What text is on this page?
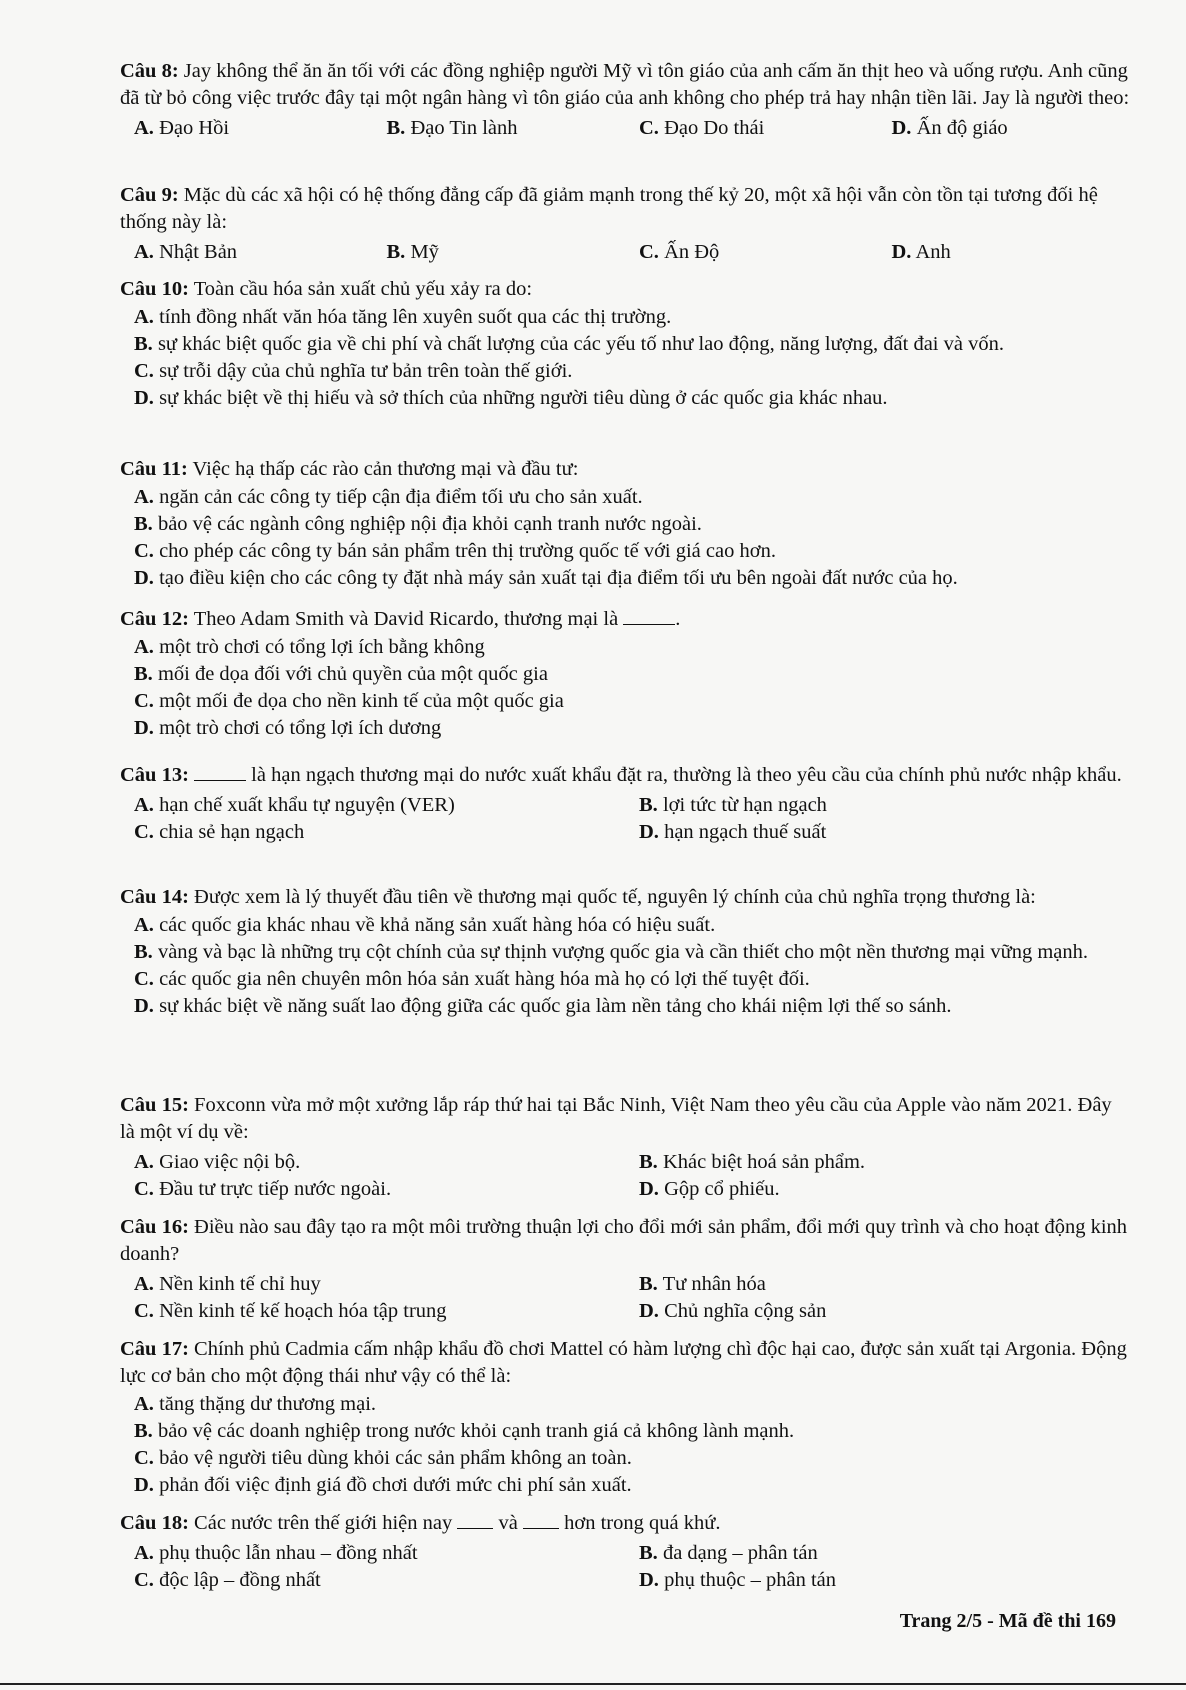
Câu 8: Jay không thể ăn ăn tối với các đồng nghiệp người Mỹ vì tôn giáo của anh cấm ăn thịt heo và uống rượu. Anh cũng đã từ bỏ công việc trước đây tại một ngân hàng vì tôn giáo của anh không cho phép trả hay nhận tiền lãi. Jay là người theo:

A. Đạo Hồi	B. Đạo Tin lành	C. Đạo Do thái	D. Ấn độ giáo

Câu 9: Mặc dù các xã hội có hệ thống đẳng cấp đã giảm mạnh trong thế kỷ 20, một xã hội vẫn còn tồn tại tương đối hệ thống này là:

A. Nhật Bản	B. Mỹ	C. Ấn Độ	D. Anh

Câu 10: Toàn cầu hóa sản xuất chủ yếu xảy ra do:

A. tính đồng nhất văn hóa tăng lên xuyên suốt qua các thị trường.
B. sự khác biệt quốc gia về chi phí và chất lượng của các yếu tố như lao động, năng lượng, đất đai và vốn.
C. sự trỗi dậy của chủ nghĩa tư bản trên toàn thế giới.
D. sự khác biệt về thị hiếu và sở thích của những người tiêu dùng ở các quốc gia khác nhau.

Câu 11: Việc hạ thấp các rào cản thương mại và đầu tư:

A. ngăn cản các công ty tiếp cận địa điểm tối ưu cho sản xuất.
B. bảo vệ các ngành công nghiệp nội địa khỏi cạnh tranh nước ngoài.
C. cho phép các công ty bán sản phẩm trên thị trường quốc tế với giá cao hơn.
D. tạo điều kiện cho các công ty đặt nhà máy sản xuất tại địa điểm tối ưu bên ngoài đất nước của họ.

Câu 12: Theo Adam Smith và David Ricardo, thương mại là	.

A. một trò chơi có tổng lợi ích bằng không
B. mối đe dọa đối với chủ quyền của một quốc gia
C. một mối đe dọa cho nền kinh tế của một quốc gia
D. một trò chơi có tổng lợi ích dương

Câu 13:	là hạn ngạch thương mại do nước xuất khẩu đặt ra, thường là theo yêu cầu của chính phủ nước nhập khẩu.

A. hạn chế xuất khẩu tự nguyện (VER)	B. lợi tức từ hạn ngạch
C. chia sẻ hạn ngạch	D. hạn ngạch thuế suất

Câu 14: Được xem là lý thuyết đầu tiên về thương mại quốc tế, nguyên lý chính của chủ nghĩa trọng thương là:

A. các quốc gia khác nhau về khả năng sản xuất hàng hóa có hiệu suất.
B. vàng và bạc là những trụ cột chính của sự thịnh vượng quốc gia và cần thiết cho một nền thương mại vững mạnh.
C. các quốc gia nên chuyên môn hóa sản xuất hàng hóa mà họ có lợi thế tuyệt đối.
D. sự khác biệt về năng suất lao động giữa các quốc gia làm nền tảng cho khái niệm lợi thế so sánh.

Câu 15: Foxconn vừa mở một xưởng lắp ráp thứ hai tại Bắc Ninh, Việt Nam theo yêu cầu của Apple vào năm 2021. Đây là một ví dụ về:

A. Giao việc nội bộ.	B. Khác biệt hoá sản phẩm.
C. Đầu tư trực tiếp nước ngoài.	D. Gộp cổ phiếu.

Câu 16: Điều nào sau đây tạo ra một môi trường thuận lợi cho đổi mới sản phẩm, đổi mới quy trình và cho hoạt động kinh doanh?

A. Nền kinh tế chỉ huy	B. Tư nhân hóa
C. Nền kinh tế kế hoạch hóa tập trung	D. Chủ nghĩa cộng sản

Câu 17: Chính phủ Cadmia cấm nhập khẩu đồ chơi Mattel có hàm lượng chì độc hại cao, được sản xuất tại Argonia. Động lực cơ bản cho một động thái như vậy có thể là:

A. tăng thặng dư thương mại.
B. bảo vệ các doanh nghiệp trong nước khỏi cạnh tranh giá cả không lành mạnh.
C. bảo vệ người tiêu dùng khỏi các sản phẩm không an toàn.
D. phản đối việc định giá đồ chơi dưới mức chi phí sản xuất.

Câu 18: Các nước trên thế giới hiện nay và hơn trong quá khứ.

A. phụ thuộc lẫn nhau – đồng nhất	B. đa dạng – phân tán
C. độc lập – đồng nhất	D. phụ thuộc – phân tán
Trang 2/5 - Mã đề thi 169
